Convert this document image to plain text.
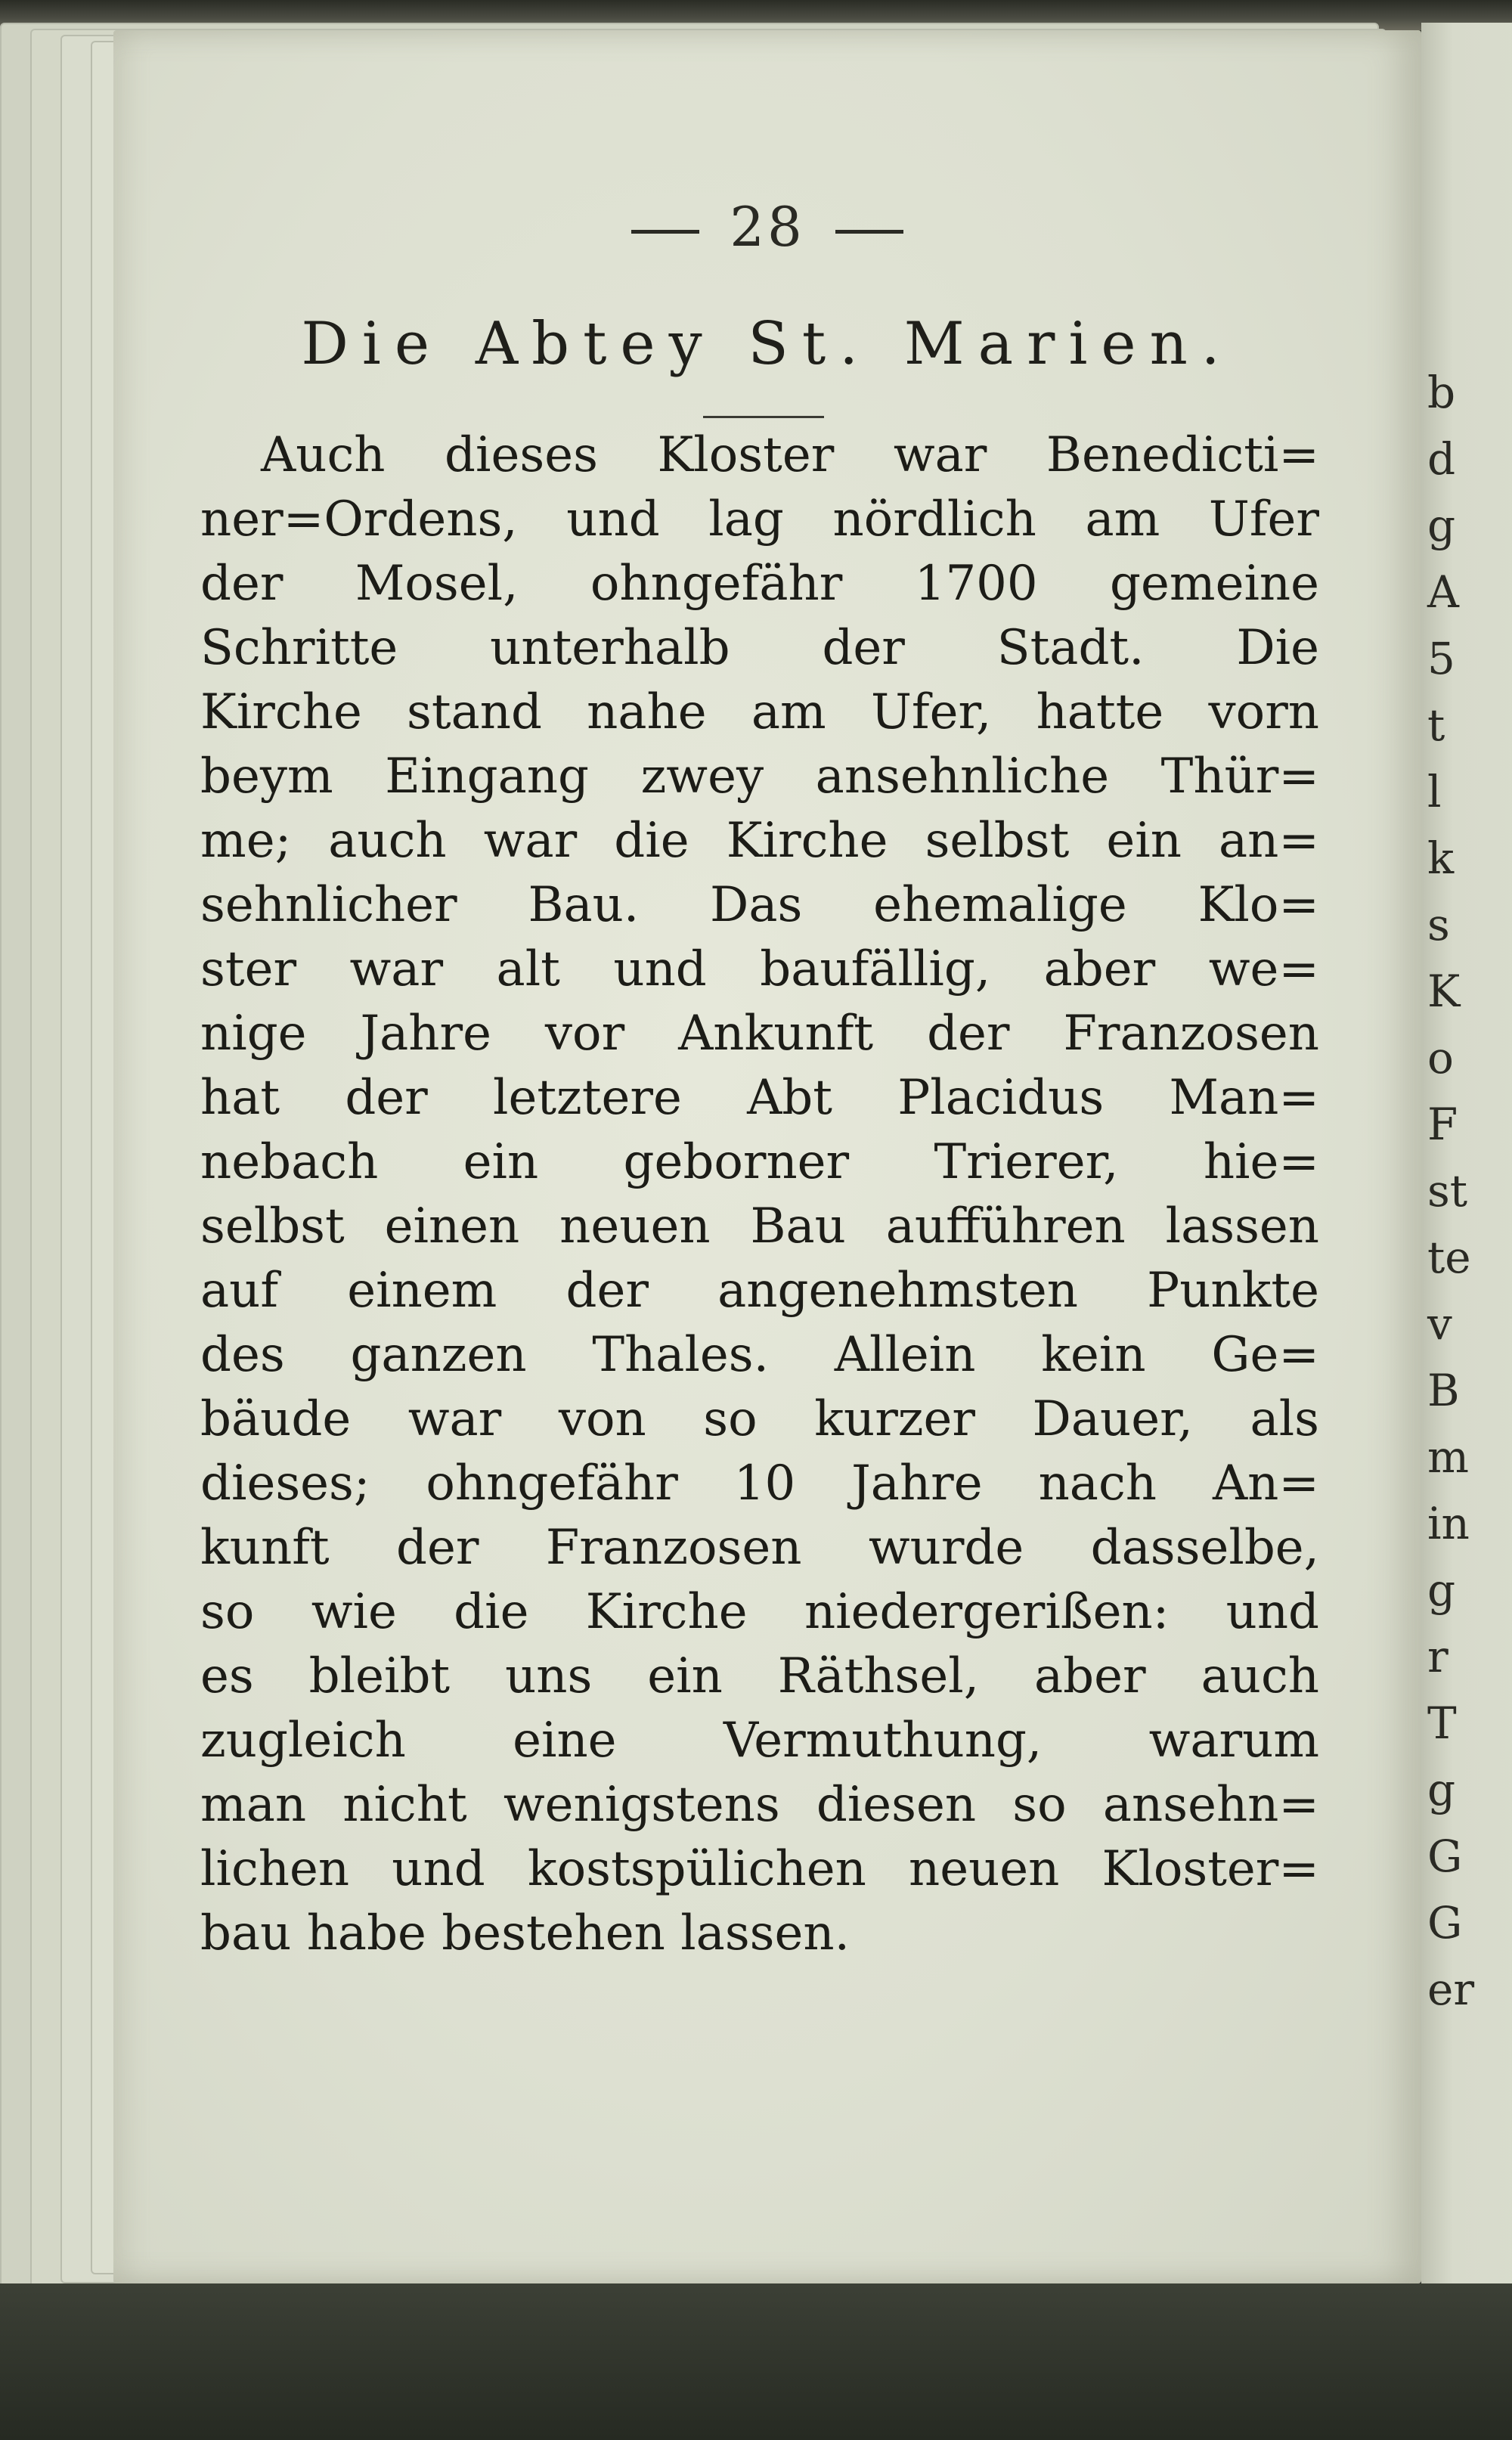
28
Die Abtey St. Marien.
Auch dieses Kloster war Benedicti=
ner=Ordens, und lag nördlich am Ufer
der Mosel, ohngefähr 1700 gemeine
Schritte unterhalb der Stadt. Die
Kirche stand nahe am Ufer, hatte vorn
beym Eingang zwey ansehnliche Thür=
me; auch war die Kirche selbst ein an=
sehnlicher Bau. Das ehemalige Klo=
ster war alt und baufällig, aber we=
nige Jahre vor Ankunft der Franzosen
hat der letztere Abt Placidus Man=
nebach ein geborner Trierer, hie=
selbst einen neuen Bau aufführen lassen
auf einem der angenehmsten Punkte
des ganzen Thales. Allein kein Ge=
bäude war von so kurzer Dauer, als
dieses; ohngefähr 10 Jahre nach An=
kunft der Franzosen wurde dasselbe,
so wie die Kirche niedergerißen: und
es bleibt uns ein Räthsel, aber auch
zugleich eine Vermuthung, warum
man nicht wenigstens diesen so ansehn=
lichen und kostspülichen neuen Kloster=
bau habe bestehen lassen.
b
d
g
A
5
t
l
k
s
K
o
F
st
te
v
B
m
in
g
r
T
g
G
G
er
